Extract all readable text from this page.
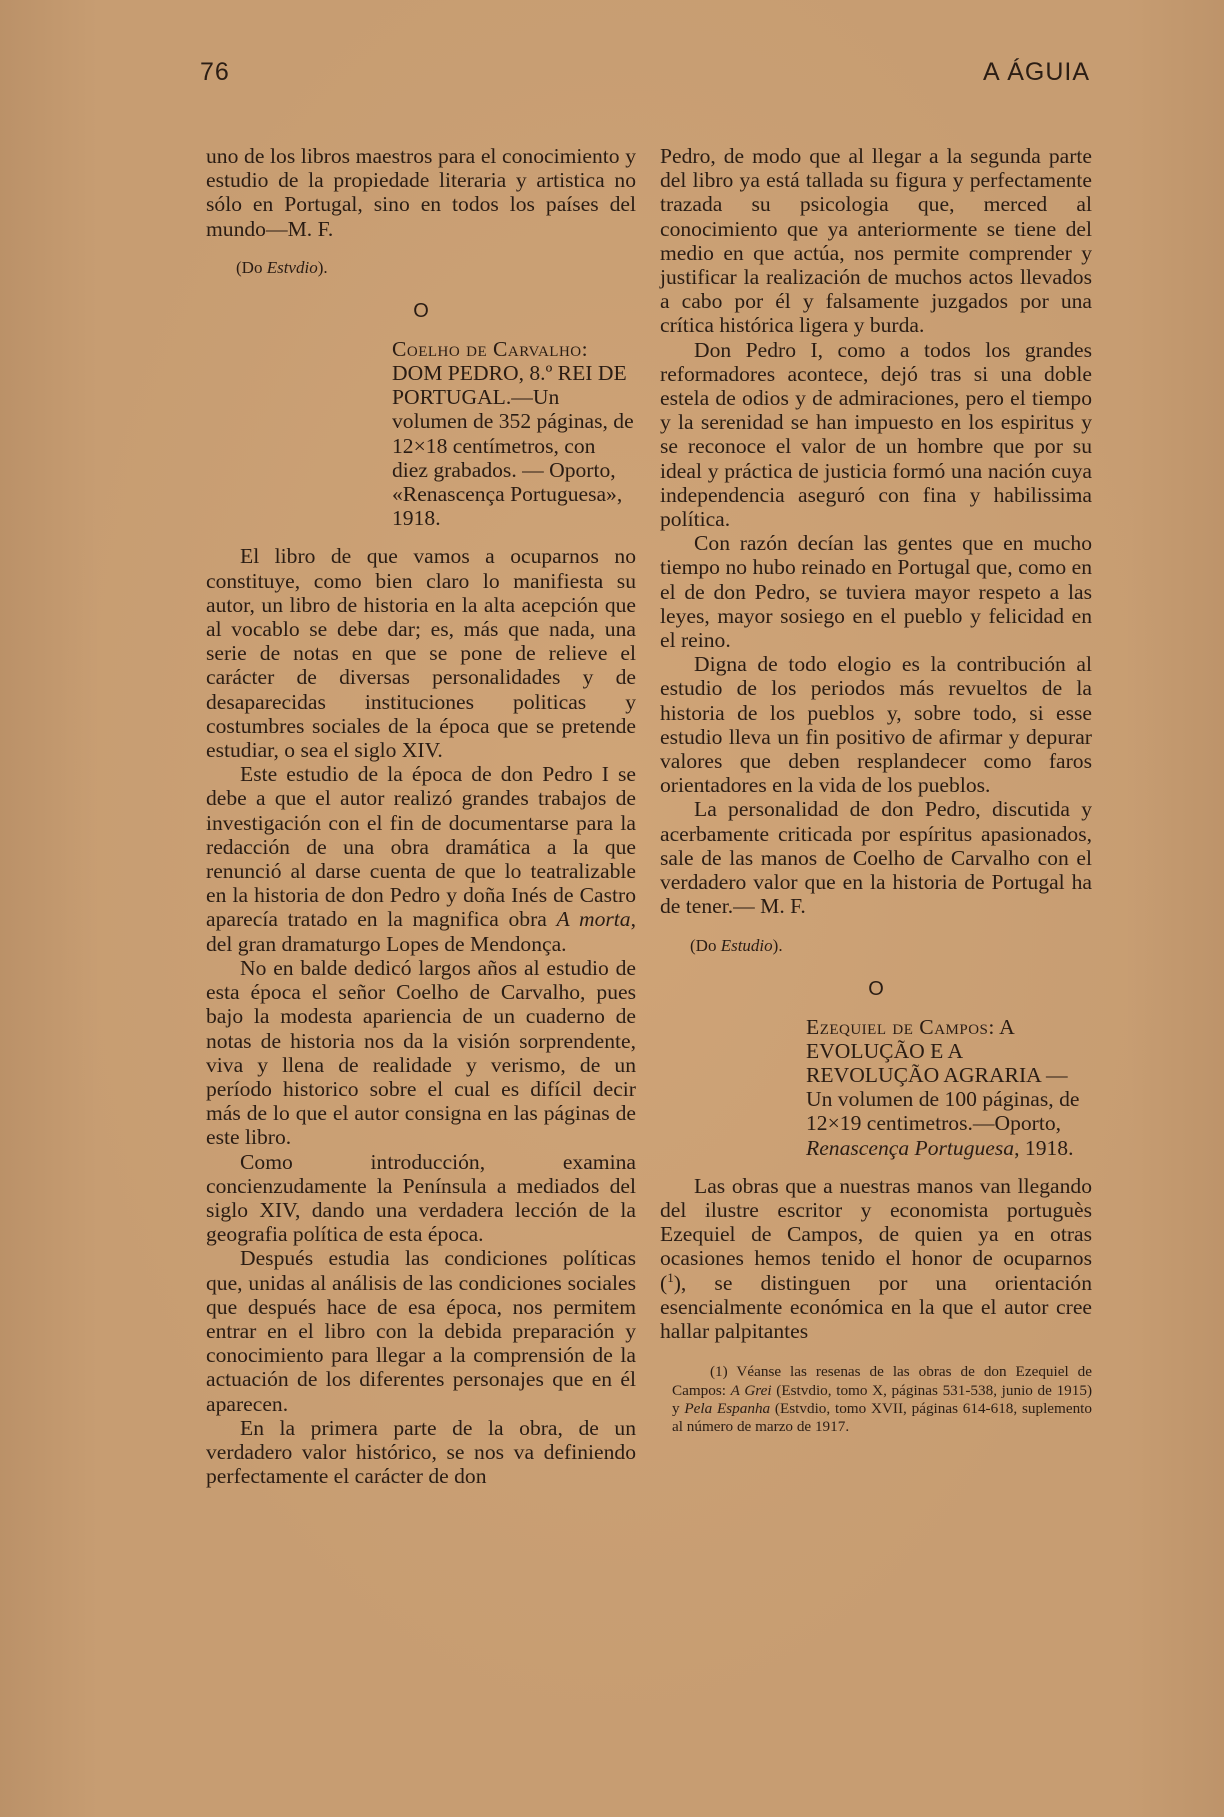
76	A ÁGUIA

uno de los libros maestros para el conocimiento y estudio de la propiedade literaria y artistica no sólo en Portugal, sino en todos los países del mundo—M. F.

(Do Estvdio).
O
Coelho de Carvalho: DOM PEDRO, 8.º REI DE PORTUGAL.—Un volumen de 352 páginas, de 12×18 centímetros, con diez grabados. — Oporto, «Renascença Portuguesa», 1918.

El libro de que vamos a ocuparnos no constituye, como bien claro lo manifiesta su autor, un libro de historia en la alta acepción que al vocablo se debe dar; es, más que nada, una serie de notas en que se pone de relieve el carácter de diversas personalidades y de desaparecidas instituciones politicas y costumbres sociales de la época que se pretende estudiar, o sea el siglo XIV.

Este estudio de la época de don Pedro I se debe a que el autor realizó grandes trabajos de investigación con el fin de documentarse para la redacción de una obra dramática a la que renunció al darse cuenta de que lo teatralizable en la historia de don Pedro y doña Inés de Castro aparecía tratado en la magnifica obra A morta, del gran dramaturgo Lopes de Mendonça.

No en balde dedicó largos años al estudio de esta época el señor Coelho de Carvalho, pues bajo la modesta apariencia de un cuaderno de notas de historia nos da la visión sorprendente, viva y llena de realidade y verismo, de un período historico sobre el cual es difícil decir más de lo que el autor consigna en las páginas de este libro.

Como introducción, examina concienzudamente la Península a mediados del siglo XIV, dando una verdadera lección de la geografia política de esta época.

Después estudia las condiciones políticas que, unidas al análisis de las condiciones sociales que después hace de esa época, nos permitem entrar en el libro con la debida preparación y conocimiento para llegar a la comprensión de la actuación de los diferentes personajes que en él aparecen.

En la primera parte de la obra, de un verdadero valor histórico, se nos va definiendo perfectamente el carácter de don

Pedro, de modo que al llegar a la segunda parte del libro ya está tallada su figura y perfectamente trazada su psicologia que, merced al conocimiento que ya anteriormente se tiene del medio en que actúa, nos permite comprender y justificar la realización de muchos actos llevados a cabo por él y falsamente juzgados por una crítica histórica ligera y burda.

Don Pedro I, como a todos los grandes reformadores acontece, dejó tras si una doble estela de odios y de admiraciones, pero el tiempo y la serenidad se han impuesto en los espiritus y se reconoce el valor de un hombre que por su ideal y práctica de justicia formó una nación cuya independencia aseguró con fina y habilissima política.

Con razón decían las gentes que en mucho tiempo no hubo reinado en Portugal que, como en el de don Pedro, se tuviera mayor respeto a las leyes, mayor sosiego en el pueblo y felicidad en el reino.

Digna de todo elogio es la contribución al estudio de los periodos más revueltos de la historia de los pueblos y, sobre todo, si esse estudio lleva un fin positivo de afirmar y depurar valores que deben resplandecer como faros orientadores en la vida de los pueblos.

La personalidad de don Pedro, discutida y acerbamente criticada por espíritus apasionados, sale de las manos de Coelho de Carvalho con el verdadero valor que en la historia de Portugal ha de tener.— M. F.

(Do Estudio).
O
Ezequiel de Campos: A EVOLUÇÃO E A REVOLUÇÃO AGRARIA — Un volumen de 100 páginas, de 12×19 centimetros.—Oporto, Renascença Portuguesa, 1918.

Las obras que a nuestras manos van llegando del ilustre escritor y economista portuguès Ezequiel de Campos, de quien ya en otras ocasiones hemos tenido el honor de ocuparnos ($^1$), se distinguen por una orientación esencialmente económica en la que el autor cree hallar palpitantes

(1) Véanse las resenas de las obras de don Ezequiel de Campos: A Grei (Estvdio, tomo X, páginas 531-538, junio de 1915) y Pela Espanha (Estvdio, tomo XVII, páginas 614-618, suplemento al número de marzo de 1917.
